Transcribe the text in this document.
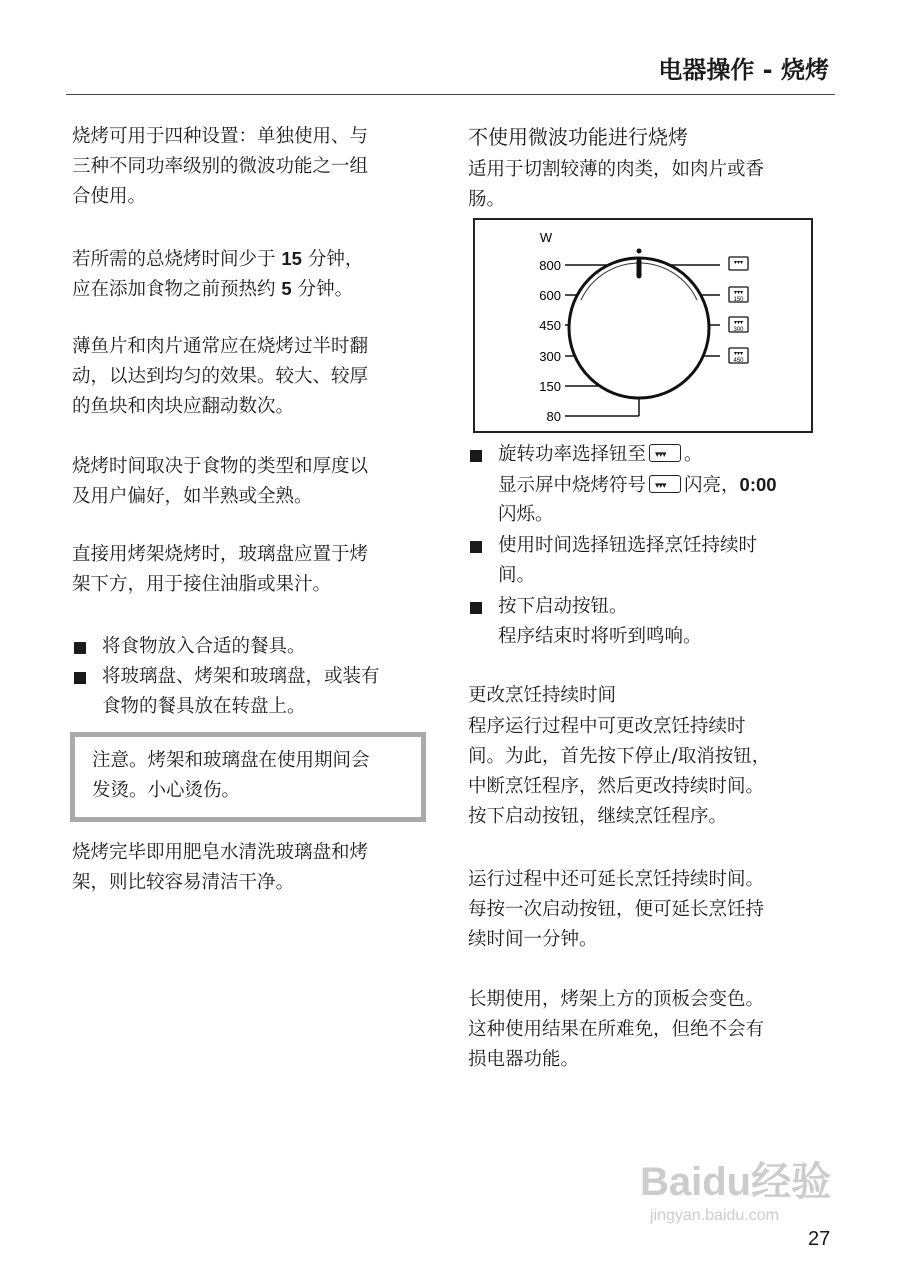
电器操作 - 烧烤
烧烤可用于四种设置：单独使用、与
三种不同功率级别的微波功能之一组
合使用。
若所需的总烧烤时间少于 15 分钟，
应在添加食物之前预热约 5 分钟。
薄鱼片和肉片通常应在烧烤过半时翻
动，以达到均匀的效果。较大、较厚
的鱼块和肉块应翻动数次。
烧烤时间取决于食物的类型和厚度以
及用户偏好，如半熟或全熟。
直接用烤架烧烤时，玻璃盘应置于烤
架下方，用于接住油脂或果汁。
将食物放入合适的餐具。
将玻璃盘、烤架和玻璃盘，或装有
食物的餐具放在转盘上。
注意。烤架和玻璃盘在使用期间会
发烫。小心烫伤。
烧烤完毕即用肥皂水清洗玻璃盘和烤
架，则比较容易清洁干净。
不使用微波功能进行烧烤
适用于切割较薄的肉类，如肉片或香
肠。
旋转功率选择钮至 ▾▾▾ 。
显示屏中烧烤符号 ▾▾▾ 闪亮，0:00
闪烁。
使用时间选择钮选择烹饪持续时
间。
按下启动按钮。
程序结束时将听到鸣响。
更改烹饪持续时间
程序运行过程中可更改烹饪持续时
间。为此，首先按下停止/取消按钮，
中断烹饪程序，然后更改持续时间。
按下启动按钮，继续烹饪程序。
运行过程中还可延长烹饪持续时间。
每按一次启动按钮，便可延长烹饪持
续时间一分钟。
长期使用，烤架上方的顶板会变色。
这种使用结果在所难免，但绝不会有
损电器功能。
W
800
600
450
300
150
80
▾▾▾
▾▾▾
150
▾▾▾
300
▾▾▾
450
27
Baidu经验
jingyan.baidu.com
